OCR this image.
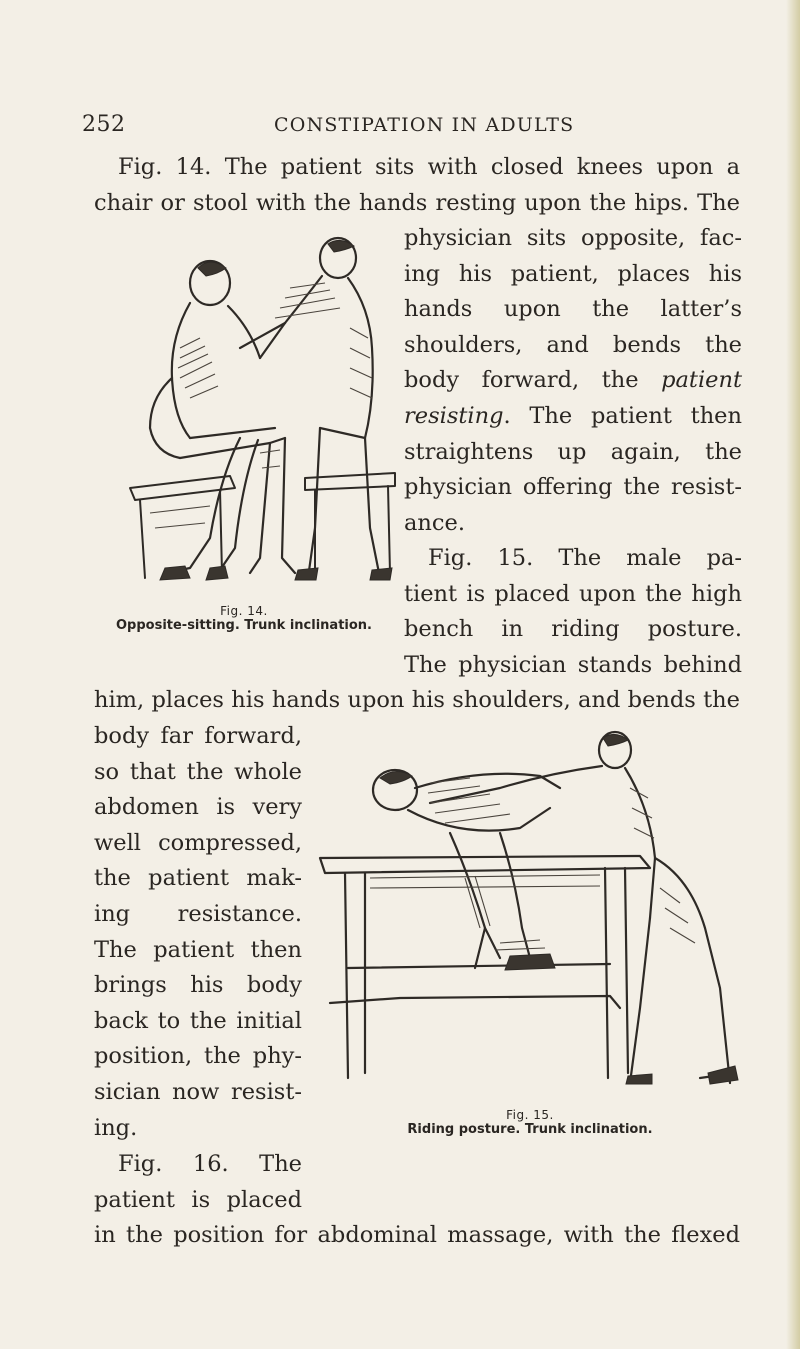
252	CONSTIPATION IN ADULTS
Fig. 14. The patient sits with closed knees upon a
chair or stool with the hands resting upon the hips. The
physician sits opposite, fac-
ing his patient, places his
hands upon the latter’s
shoulders, and bends the
body forward, the patient
resisting. The patient then
straightens up again, the
physician offering the resist-
ance.
Fig. 15. The male pa-
tient is placed upon the high
bench in riding posture.
The physician stands behind
him, places his hands upon his shoulders, and bends the
body far forward,
so that the whole
abdomen is very
well compressed,
the patient mak-
ing resistance.
The patient then
brings his body
back to the initial
position, the phy-
sician now resist-
ing.
Fig. 16. The
patient is placed
in the position for abdominal massage, with the flexed
Fig. 14.
Opposite-sitting. Trunk inclination.
Fig. 15.
Riding posture. Trunk inclination.
